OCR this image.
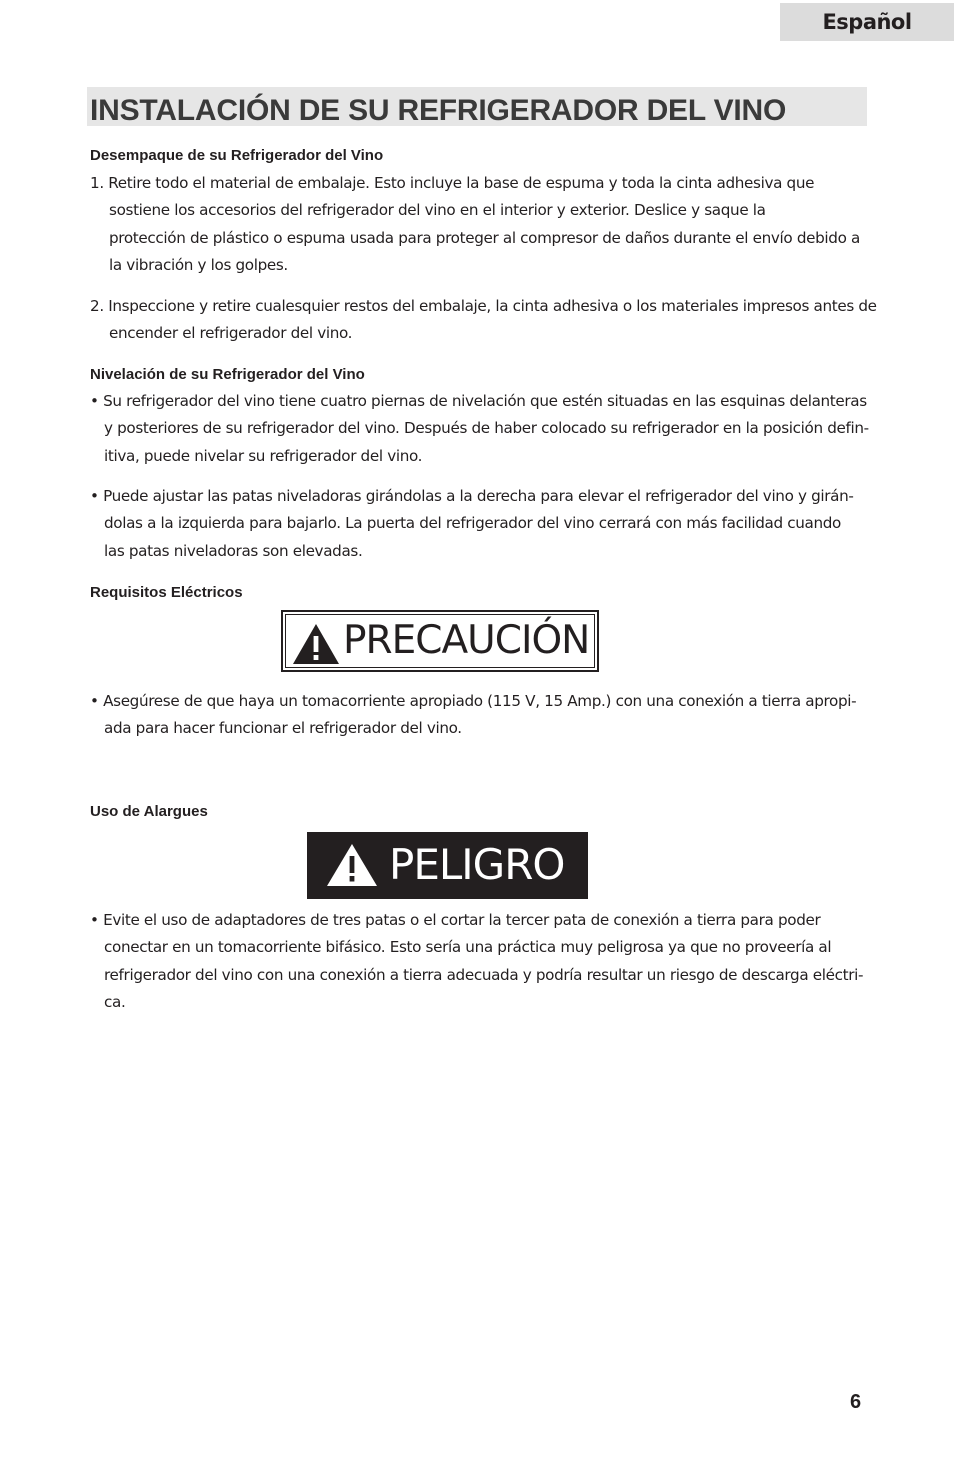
Español
INSTALACIÓN DE SU REFRIGERADOR DEL VINO
Desempaque de su Refrigerador del Vino
1. Retire todo el material de embalaje. Esto incluye la base de espuma y toda la cinta adhesiva que
sostiene los accesorios del refrigerador del vino en el interior y exterior. Deslice y saque la
protección de plástico o espuma usada para proteger al compresor de daños durante el envío debido a
la vibración y los golpes.
2. Inspeccione y retire cualesquier restos del embalaje, la cinta adhesiva o los materiales impresos antes de
encender el refrigerador del vino.
Nivelación de su Refrigerador del Vino
• Su refrigerador del vino tiene cuatro piernas de nivelación que estén situadas en las esquinas delanteras
y posteriores de su refrigerador del vino. Después de haber colocado su refrigerador en la posición defin-
itiva, puede nivelar su refrigerador del vino.
• Puede ajustar las patas niveladoras girándolas a la derecha para elevar el refrigerador del vino y girán-
dolas a la izquierda para bajarlo. La puerta del refrigerador del vino cerrará con más facilidad cuando
las patas niveladoras son elevadas.
Requisitos Eléctricos
PRECAUCIÓN
• Asegúrese de que haya un tomacorriente apropiado (115 V, 15 Amp.) con una conexión a tierra apropi-
ada para hacer funcionar el refrigerador del vino.
Uso de Alargues
PELIGRO
• Evite el uso de adaptadores de tres patas o el cortar la tercer pata de conexión a tierra para poder
conectar en un tomacorriente bifásico. Esto sería una práctica muy peligrosa ya que no proveería al
refrigerador del vino con una conexión a tierra adecuada y podría resultar un riesgo de descarga eléctri-
ca.
6
